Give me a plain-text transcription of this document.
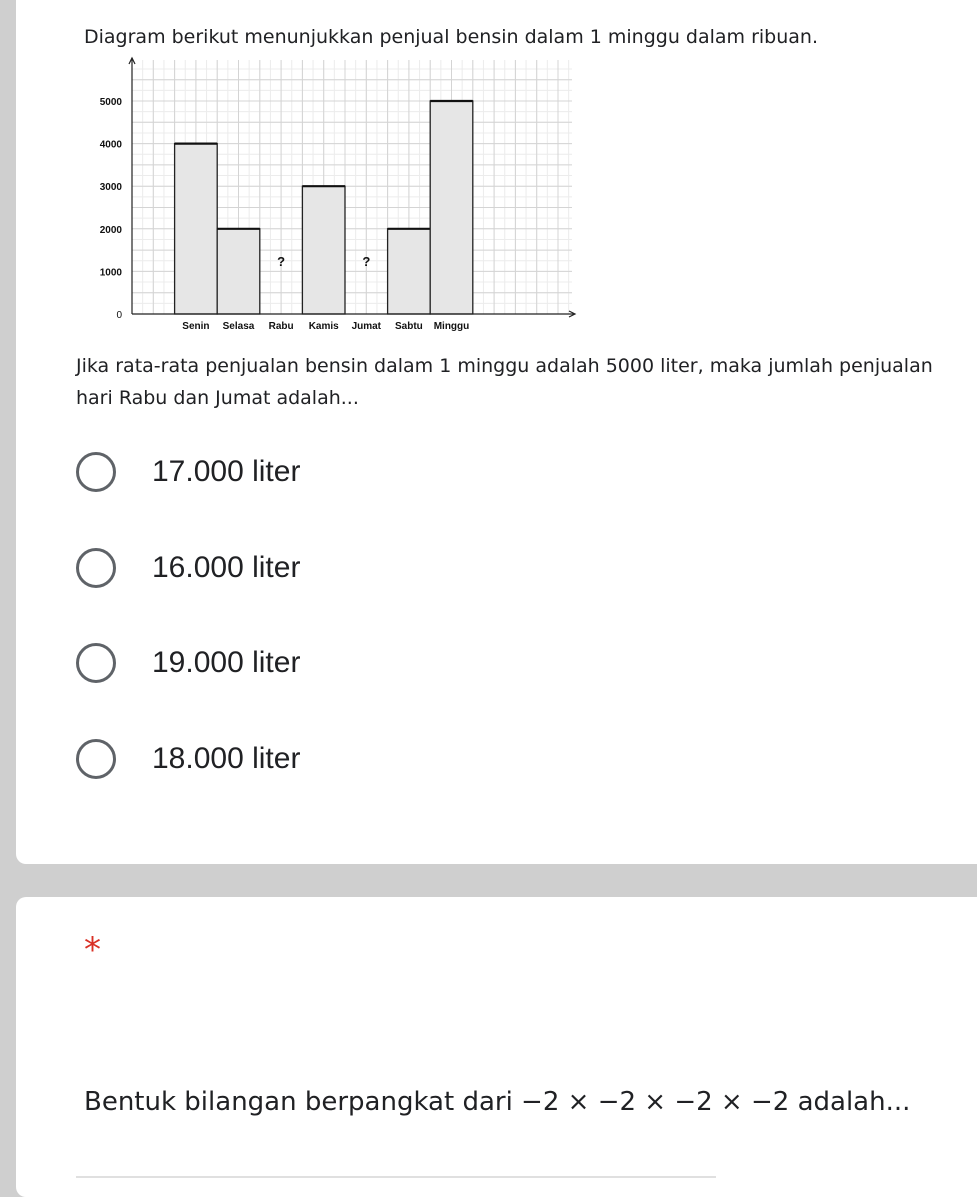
Diagram berikut menunjukkan penjual bensin dalam 1 minggu dalam ribuan.
Senin Selasa
?
Rabu Kamis
?
Jumat Sabtu Minggu
0
1000
2000
3000
4000
5000
Jika rata-rata penjualan bensin dalam 1 minggu adalah 5000 liter, maka jumlah penjualan hari Rabu dan Jumat adalah...
17.000 liter
16.000 liter
19.000 liter
18.000 liter
*
Bentuk bilangan berpangkat dari −2 × −2 × −2 × −2 adalah...
